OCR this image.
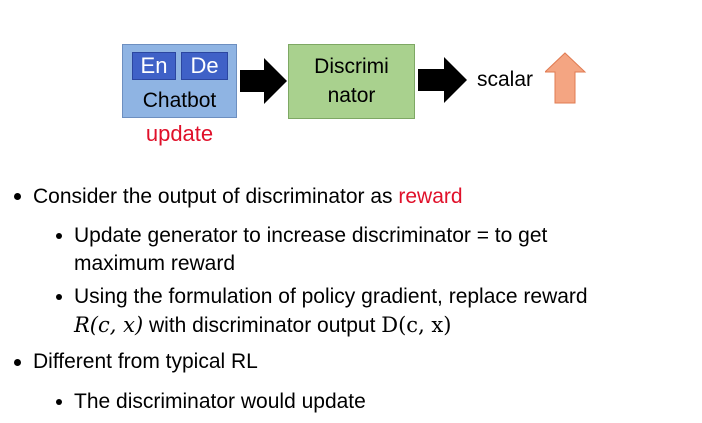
En	De
Chatbot
update
Discrimi
nator
scalar
Consider the output of discriminator as reward
Update generator to increase discriminator = to get
maximum reward
Using the formulation of policy gradient, replace reward
R(c, x) with discriminator output D(c, x)
Different from typical RL
The discriminator would update
